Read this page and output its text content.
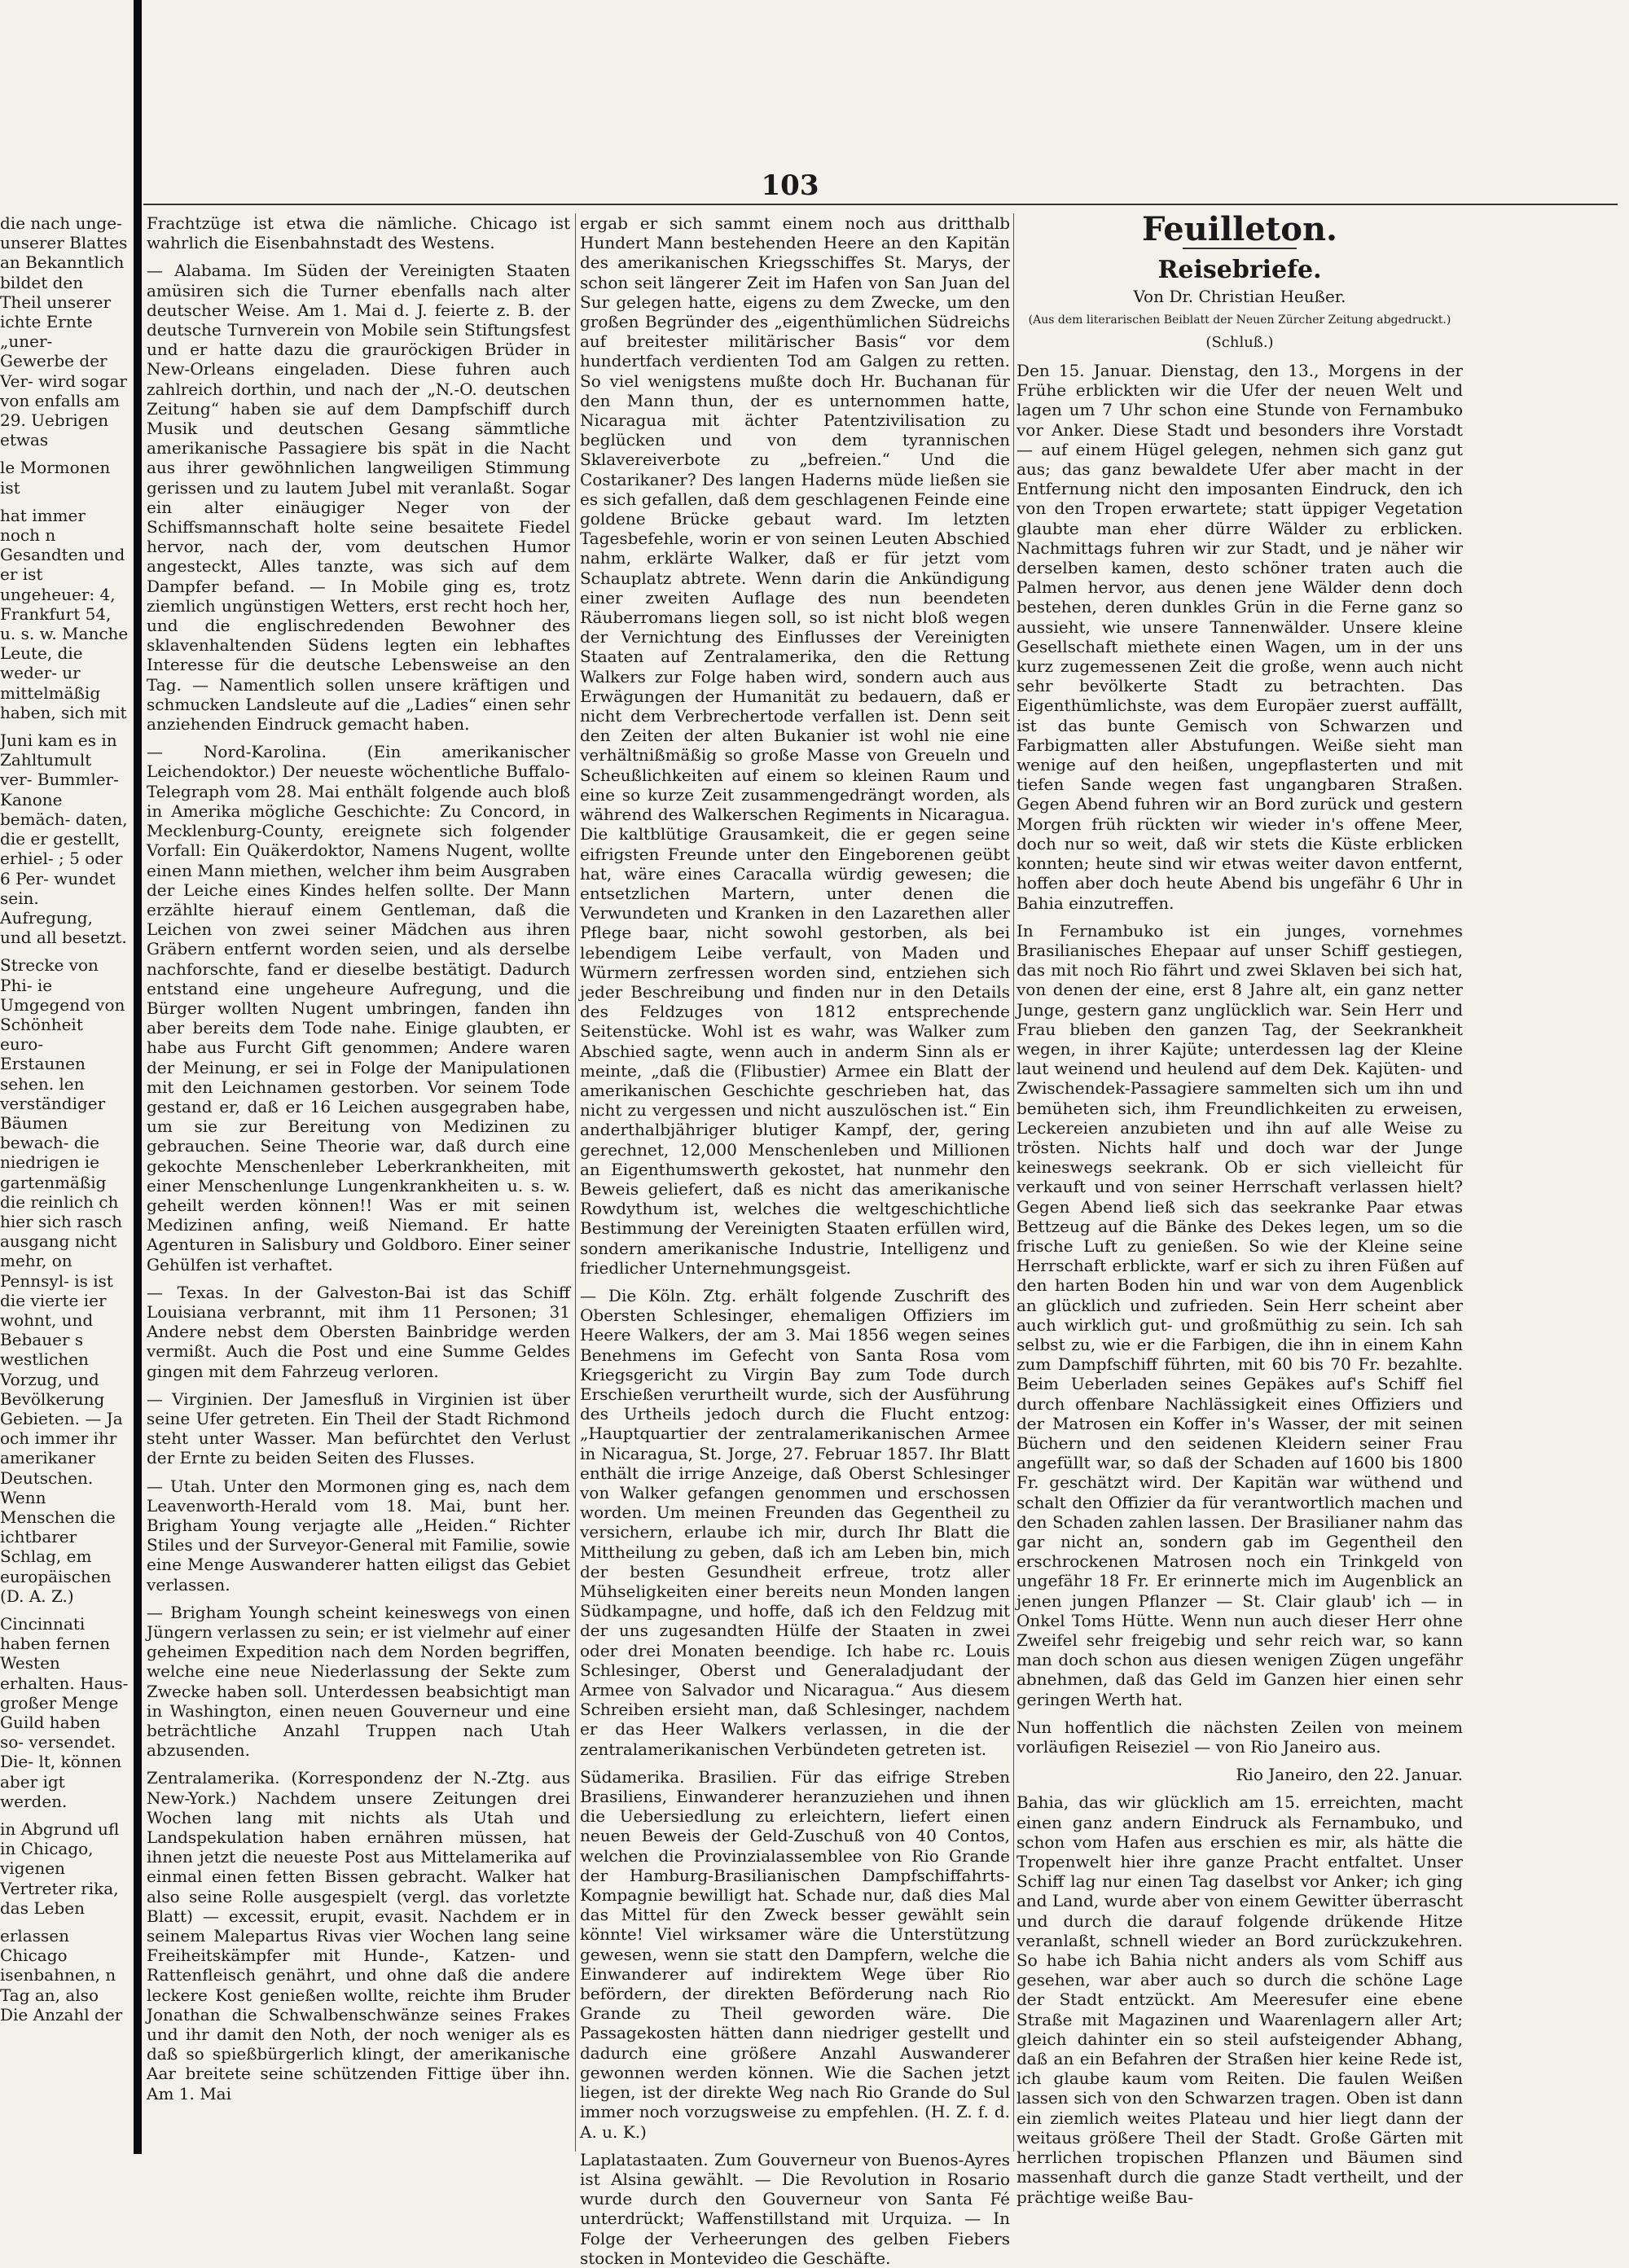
103

die nach unge- unserer Blattes an Bekanntlich bildet den Theil unserer ichte Ernte „uner- Gewerbe der Ver- wird sogar von enfalls am 29. Uebrigen etwas

le Mormonen ist

hat immer noch n Gesandten und er ist ungeheuer: 4, Frankfurt 54, u. s. w. Manche Leute, die weder- ur mittelmäßig haben, sich mit

Juni kam es in Zahltumult ver- Bummler- Kanone bemäch- daten, die er gestellt, erhiel- ; 5 oder 6 Per- wundet sein. Aufregung, und all besetzt.

Strecke von Phi- ie Umgegend von Schönheit euro- Erstaunen sehen. len verständiger Bäumen bewach- die niedrigen ie gartenmäßig die reinlich ch hier sich rasch ausgang nicht mehr, on Pennsyl- is ist die vierte ier wohnt, und Bebauer s westlichen Vorzug, und Bevölkerung Gebieten. — Ja och immer ihr amerikaner Deutschen. Wenn Menschen die ichtbarer Schlag, em europäischen (D. A. Z.)

Cincinnati haben fernen Westen erhalten. Haus- großer Menge Guild haben so- versendet. Die- lt, können aber igt werden.

in Abgrund ufl in Chicago, vigenen Vertreter rika, das Leben

erlassen Chicago isenbahnen, n Tag an, also Die Anzahl der

Frachtzüge ist etwa die nämliche. Chicago ist wahrlich die Eisenbahnstadt des Westens.

— Alabama. Im Süden der Vereinigten Staaten amüsiren sich die Turner ebenfalls nach alter deutscher Weise. Am 1. Mai d. J. feierte z. B. der deutsche Turnverein von Mobile sein Stiftungsfest und er hatte dazu die grauröckigen Brüder in New-Orleans eingeladen. Diese fuhren auch zahlreich dorthin, und nach der „N.-O. deutschen Zeitung“ haben sie auf dem Dampfschiff durch Musik und deutschen Gesang sämmtliche amerikanische Passagiere bis spät in die Nacht aus ihrer gewöhnlichen langweiligen Stimmung gerissen und zu lautem Jubel mit veranlaßt. Sogar ein alter einäugiger Neger von der Schiffsmannschaft holte seine besaitete Fiedel hervor, nach der, vom deutschen Humor angesteckt, Alles tanzte, was sich auf dem Dampfer befand. — In Mobile ging es, trotz ziemlich ungünstigen Wetters, erst recht hoch her, und die englischredenden Bewohner des sklavenhaltenden Südens legten ein lebhaftes Interesse für die deutsche Lebensweise an den Tag. — Namentlich sollen unsere kräftigen und schmucken Landsleute auf die „Ladies“ einen sehr anziehenden Eindruck gemacht haben.

— Nord-Karolina. (Ein amerikanischer Leichendoktor.) Der neueste wöchentliche Buffalo-Telegraph vom 28. Mai enthält folgende auch bloß in Amerika mögliche Geschichte: Zu Concord, in Mecklenburg-County, ereignete sich folgender Vorfall: Ein Quäkerdoktor, Namens Nugent, wollte einen Mann miethen, welcher ihm beim Ausgraben der Leiche eines Kindes helfen sollte. Der Mann erzählte hierauf einem Gentleman, daß die Leichen von zwei seiner Mädchen aus ihren Gräbern entfernt worden seien, und als derselbe nachforschte, fand er dieselbe bestätigt. Dadurch entstand eine ungeheure Aufregung, und die Bürger wollten Nugent umbringen, fanden ihn aber bereits dem Tode nahe. Einige glaubten, er habe aus Furcht Gift genommen; Andere waren der Meinung, er sei in Folge der Manipulationen mit den Leichnamen gestorben. Vor seinem Tode gestand er, daß er 16 Leichen ausgegraben habe, um sie zur Bereitung von Medizinen zu gebrauchen. Seine Theorie war, daß durch eine gekochte Menschenleber Leberkrankheiten, mit einer Menschenlunge Lungenkrankheiten u. s. w. geheilt werden können!! Was er mit seinen Medizinen anfing, weiß Niemand. Er hatte Agenturen in Salisbury und Goldboro. Einer seiner Gehülfen ist verhaftet.

— Texas. In der Galveston-Bai ist das Schiff Louisiana verbrannt, mit ihm 11 Personen; 31 Andere nebst dem Obersten Bainbridge werden vermißt. Auch die Post und eine Summe Geldes gingen mit dem Fahrzeug verloren.

— Virginien. Der Jamesfluß in Virginien ist über seine Ufer getreten. Ein Theil der Stadt Richmond steht unter Wasser. Man befürchtet den Verlust der Ernte zu beiden Seiten des Flusses.

— Utah. Unter den Mormonen ging es, nach dem Leavenworth-Herald vom 18. Mai, bunt her. Brigham Young verjagte alle „Heiden.“ Richter Stiles und der Surveyor-General mit Familie, sowie eine Menge Auswanderer hatten eiligst das Gebiet verlassen.

— Brigham Youngh scheint keineswegs von einen Jüngern verlassen zu sein; er ist vielmehr auf einer geheimen Expedition nach dem Norden begriffen, welche eine neue Niederlassung der Sekte zum Zwecke haben soll. Unterdessen beabsichtigt man in Washington, einen neuen Gouverneur und eine beträchtliche Anzahl Truppen nach Utah abzusenden.

Zentralamerika. (Korrespondenz der N.-Ztg. aus New-York.) Nachdem unsere Zeitungen drei Wochen lang mit nichts als Utah und Landspekulation haben ernähren müssen, hat ihnen jetzt die neueste Post aus Mittelamerika auf einmal einen fetten Bissen gebracht. Walker hat also seine Rolle ausgespielt (vergl. das vorletzte Blatt) — excessit, erupit, evasit. Nachdem er in seinem Malepartus Rivas vier Wochen lang seine Freiheitskämpfer mit Hunde-, Katzen- und Rattenfleisch genährt, und ohne daß die andere leckere Kost genießen wollte, reichte ihm Bruder Jonathan die Schwalbenschwänze seines Frakes und ihr damit den Noth, der noch weniger als es daß so spießbürgerlich klingt, der amerikanische Aar breitete seine schützenden Fittige über ihn. Am 1. Mai

ergab er sich sammt einem noch aus dritthalb Hundert Mann bestehenden Heere an den Kapitän des amerikanischen Kriegsschiffes St. Marys, der schon seit längerer Zeit im Hafen von San Juan del Sur gelegen hatte, eigens zu dem Zwecke, um den großen Begründer des „eigenthümlichen Südreichs auf breitester militärischer Basis“ vor dem hundertfach verdienten Tod am Galgen zu retten. So viel wenigstens mußte doch Hr. Buchanan für den Mann thun, der es unternommen hatte, Nicaragua mit ächter Patentzivilisation zu beglücken und von dem tyrannischen Sklavereiverbote zu „befreien.“ Und die Costarikaner? Des langen Haderns müde ließen sie es sich gefallen, daß dem geschlagenen Feinde eine goldene Brücke gebaut ward. Im letzten Tagesbefehle, worin er von seinen Leuten Abschied nahm, erklärte Walker, daß er für jetzt vom Schauplatz abtrete. Wenn darin die Ankündigung einer zweiten Auflage des nun beendeten Räuberromans liegen soll, so ist nicht bloß wegen der Vernichtung des Einflusses der Vereinigten Staaten auf Zentralamerika, den die Rettung Walkers zur Folge haben wird, sondern auch aus Erwägungen der Humanität zu bedauern, daß er nicht dem Verbrechertode verfallen ist. Denn seit den Zeiten der alten Bukanier ist wohl nie eine verhältnißmäßig so große Masse von Greueln und Scheußlichkeiten auf einem so kleinen Raum und eine so kurze Zeit zusammengedrängt worden, als während des Walkerschen Regiments in Nicaragua. Die kaltblütige Grausamkeit, die er gegen seine eifrigsten Freunde unter den Eingeborenen geübt hat, wäre eines Caracalla würdig gewesen; die entsetzlichen Martern, unter denen die Verwundeten und Kranken in den Lazarethen aller Pflege baar, nicht sowohl gestorben, als bei lebendigem Leibe verfault, von Maden und Würmern zerfressen worden sind, entziehen sich jeder Beschreibung und finden nur in den Details des Feldzuges von 1812 entsprechende Seitenstücke. Wohl ist es wahr, was Walker zum Abschied sagte, wenn auch in anderm Sinn als er meinte, „daß die (Flibustier) Armee ein Blatt der amerikanischen Geschichte geschrieben hat, das nicht zu vergessen und nicht auszulöschen ist.“ Ein anderthalbjähriger blutiger Kampf, der, gering gerechnet, 12,000 Menschenleben und Millionen an Eigenthumswerth gekostet, hat nunmehr den Beweis geliefert, daß es nicht das amerikanische Rowdythum ist, welches die weltgeschichtliche Bestimmung der Vereinigten Staaten erfüllen wird, sondern amerikanische Industrie, Intelligenz und friedlicher Unternehmungsgeist.

— Die Köln. Ztg. erhält folgende Zuschrift des Obersten Schlesinger, ehemaligen Offiziers im Heere Walkers, der am 3. Mai 1856 wegen seines Benehmens im Gefecht von Santa Rosa vom Kriegsgericht zu Virgin Bay zum Tode durch Erschießen verurtheilt wurde, sich der Ausführung des Urtheils jedoch durch die Flucht entzog: „Hauptquartier der zentralamerikanischen Armee in Nicaragua, St. Jorge, 27. Februar 1857. Ihr Blatt enthält die irrige Anzeige, daß Oberst Schlesinger von Walker gefangen genommen und erschossen worden. Um meinen Freunden das Gegentheil zu versichern, erlaube ich mir, durch Ihr Blatt die Mittheilung zu geben, daß ich am Leben bin, mich der besten Gesundheit erfreue, trotz aller Mühseligkeiten einer bereits neun Monden langen Südkampagne, und hoffe, daß ich den Feldzug mit der uns zugesandten Hülfe der Staaten in zwei oder drei Monaten beendige. Ich habe rc. Louis Schlesinger, Oberst und Generaladjudant der Armee von Salvador und Nicaragua.“ Aus diesem Schreiben ersieht man, daß Schlesinger, nachdem er das Heer Walkers verlassen, in die der zentralamerikanischen Verbündeten getreten ist.

Südamerika. Brasilien. Für das eifrige Streben Brasiliens, Einwanderer heranzuziehen und ihnen die Uebersiedlung zu erleichtern, liefert einen neuen Beweis der Geld-Zuschuß von 40 Contos, welchen die Provinzialassemblee von Rio Grande der Hamburg-Brasilianischen Dampfschiffahrts-Kompagnie bewilligt hat. Schade nur, daß dies Mal das Mittel für den Zweck besser gewählt sein könnte! Viel wirksamer wäre die Unterstützung gewesen, wenn sie statt den Dampfern, welche die Einwanderer auf indirektem Wege über Rio befördern, der direkten Beförderung nach Rio Grande zu Theil geworden wäre. Die Passagekosten hätten dann niedriger gestellt und dadurch eine größere Anzahl Auswanderer gewonnen werden können. Wie die Sachen jetzt liegen, ist der direkte Weg nach Rio Grande do Sul immer noch vorzugsweise zu empfehlen. (H. Z. f. d. A. u. K.)

Laplatastaaten. Zum Gouverneur von Buenos-Ayres ist Alsina gewählt. — Die Revolution in Rosario wurde durch den Gouverneur von Santa Fé unterdrückt; Waffenstillstand mit Urquiza. — In Folge der Verheerungen des gelben Fiebers stocken in Montevideo die Geschäfte.

Feuilleton.
Reisebriefe.
Von Dr. Christian Heußer.
(Aus dem literarischen Beiblatt der Neuen Zürcher Zeitung abgedruckt.)
(Schluß.)

Den 15. Januar. Dienstag, den 13., Morgens in der Frühe erblickten wir die Ufer der neuen Welt und lagen um 7 Uhr schon eine Stunde von Fernambuko vor Anker. Diese Stadt und besonders ihre Vorstadt — auf einem Hügel gelegen, nehmen sich ganz gut aus; das ganz bewaldete Ufer aber macht in der Entfernung nicht den imposanten Eindruck, den ich von den Tropen erwartete; statt üppiger Vegetation glaubte man eher dürre Wälder zu erblicken. Nachmittags fuhren wir zur Stadt, und je näher wir derselben kamen, desto schöner traten auch die Palmen hervor, aus denen jene Wälder denn doch bestehen, deren dunkles Grün in die Ferne ganz so aussieht, wie unsere Tannenwälder. Unsere kleine Gesellschaft miethete einen Wagen, um in der uns kurz zugemessenen Zeit die große, wenn auch nicht sehr bevölkerte Stadt zu betrachten. Das Eigenthümlichste, was dem Europäer zuerst auffällt, ist das bunte Gemisch von Schwarzen und Farbigmatten aller Abstufungen. Weiße sieht man wenige auf den heißen, ungepflasterten und mit tiefen Sande wegen fast ungangbaren Straßen. Gegen Abend fuhren wir an Bord zurück und gestern Morgen früh rückten wir wieder in's offene Meer, doch nur so weit, daß wir stets die Küste erblicken konnten; heute sind wir etwas weiter davon entfernt, hoffen aber doch heute Abend bis ungefähr 6 Uhr in Bahia einzutreffen.

In Fernambuko ist ein junges, vornehmes Brasilianisches Ehepaar auf unser Schiff gestiegen, das mit noch Rio fährt und zwei Sklaven bei sich hat, von denen der eine, erst 8 Jahre alt, ein ganz netter Junge, gestern ganz unglücklich war. Sein Herr und Frau blieben den ganzen Tag, der Seekrankheit wegen, in ihrer Kajüte; unterdessen lag der Kleine laut weinend und heulend auf dem Dek. Kajüten- und Zwischendek-Passagiere sammelten sich um ihn und bemüheten sich, ihm Freundlichkeiten zu erweisen, Leckereien anzubieten und ihn auf alle Weise zu trösten. Nichts half und doch war der Junge keineswegs seekrank. Ob er sich vielleicht für verkauft und von seiner Herrschaft verlassen hielt? Gegen Abend ließ sich das seekranke Paar etwas Bettzeug auf die Bänke des Dekes legen, um so die frische Luft zu genießen. So wie der Kleine seine Herrschaft erblickte, warf er sich zu ihren Füßen auf den harten Boden hin und war von dem Augenblick an glücklich und zufrieden. Sein Herr scheint aber auch wirklich gut- und großmüthig zu sein. Ich sah selbst zu, wie er die Farbigen, die ihn in einem Kahn zum Dampfschiff führten, mit 60 bis 70 Fr. bezahlte. Beim Ueberladen seines Gepäkes auf's Schiff fiel durch offenbare Nachlässigkeit eines Offiziers und der Matrosen ein Koffer in's Wasser, der mit seinen Büchern und den seidenen Kleidern seiner Frau angefüllt war, so daß der Schaden auf 1600 bis 1800 Fr. geschätzt wird. Der Kapitän war wüthend und schalt den Offizier da für verantwortlich machen und den Schaden zahlen lassen. Der Brasilianer nahm das gar nicht an, sondern gab im Gegentheil den erschrockenen Matrosen noch ein Trinkgeld von ungefähr 18 Fr. Er erinnerte mich im Augenblick an jenen jungen Pflanzer — St. Clair glaub' ich — in Onkel Toms Hütte. Wenn nun auch dieser Herr ohne Zweifel sehr freigebig und sehr reich war, so kann man doch schon aus diesen wenigen Zügen ungefähr abnehmen, daß das Geld im Ganzen hier einen sehr geringen Werth hat.

Nun hoffentlich die nächsten Zeilen von meinem vorläufigen Reiseziel — von Rio Janeiro aus.

Rio Janeiro, den 22. Januar.

Bahia, das wir glücklich am 15. erreichten, macht einen ganz andern Eindruck als Fernambuko, und schon vom Hafen aus erschien es mir, als hätte die Tropenwelt hier ihre ganze Pracht entfaltet. Unser Schiff lag nur einen Tag daselbst vor Anker; ich ging and Land, wurde aber von einem Gewitter überrascht und durch die darauf folgende drükende Hitze veranlaßt, schnell wieder an Bord zurückzukehren. So habe ich Bahia nicht anders als vom Schiff aus gesehen, war aber auch so durch die schöne Lage der Stadt entzückt. Am Meeresufer eine ebene Straße mit Magazinen und Waarenlagern aller Art; gleich dahinter ein so steil aufsteigender Abhang, daß an ein Befahren der Straßen hier keine Rede ist, ich glaube kaum vom Reiten. Die faulen Weißen lassen sich von den Schwarzen tragen. Oben ist dann ein ziemlich weites Plateau und hier liegt dann der weitaus größere Theil der Stadt. Große Gärten mit herrlichen tropischen Pflanzen und Bäumen sind massenhaft durch die ganze Stadt vertheilt, und der prächtige weiße Bau-
